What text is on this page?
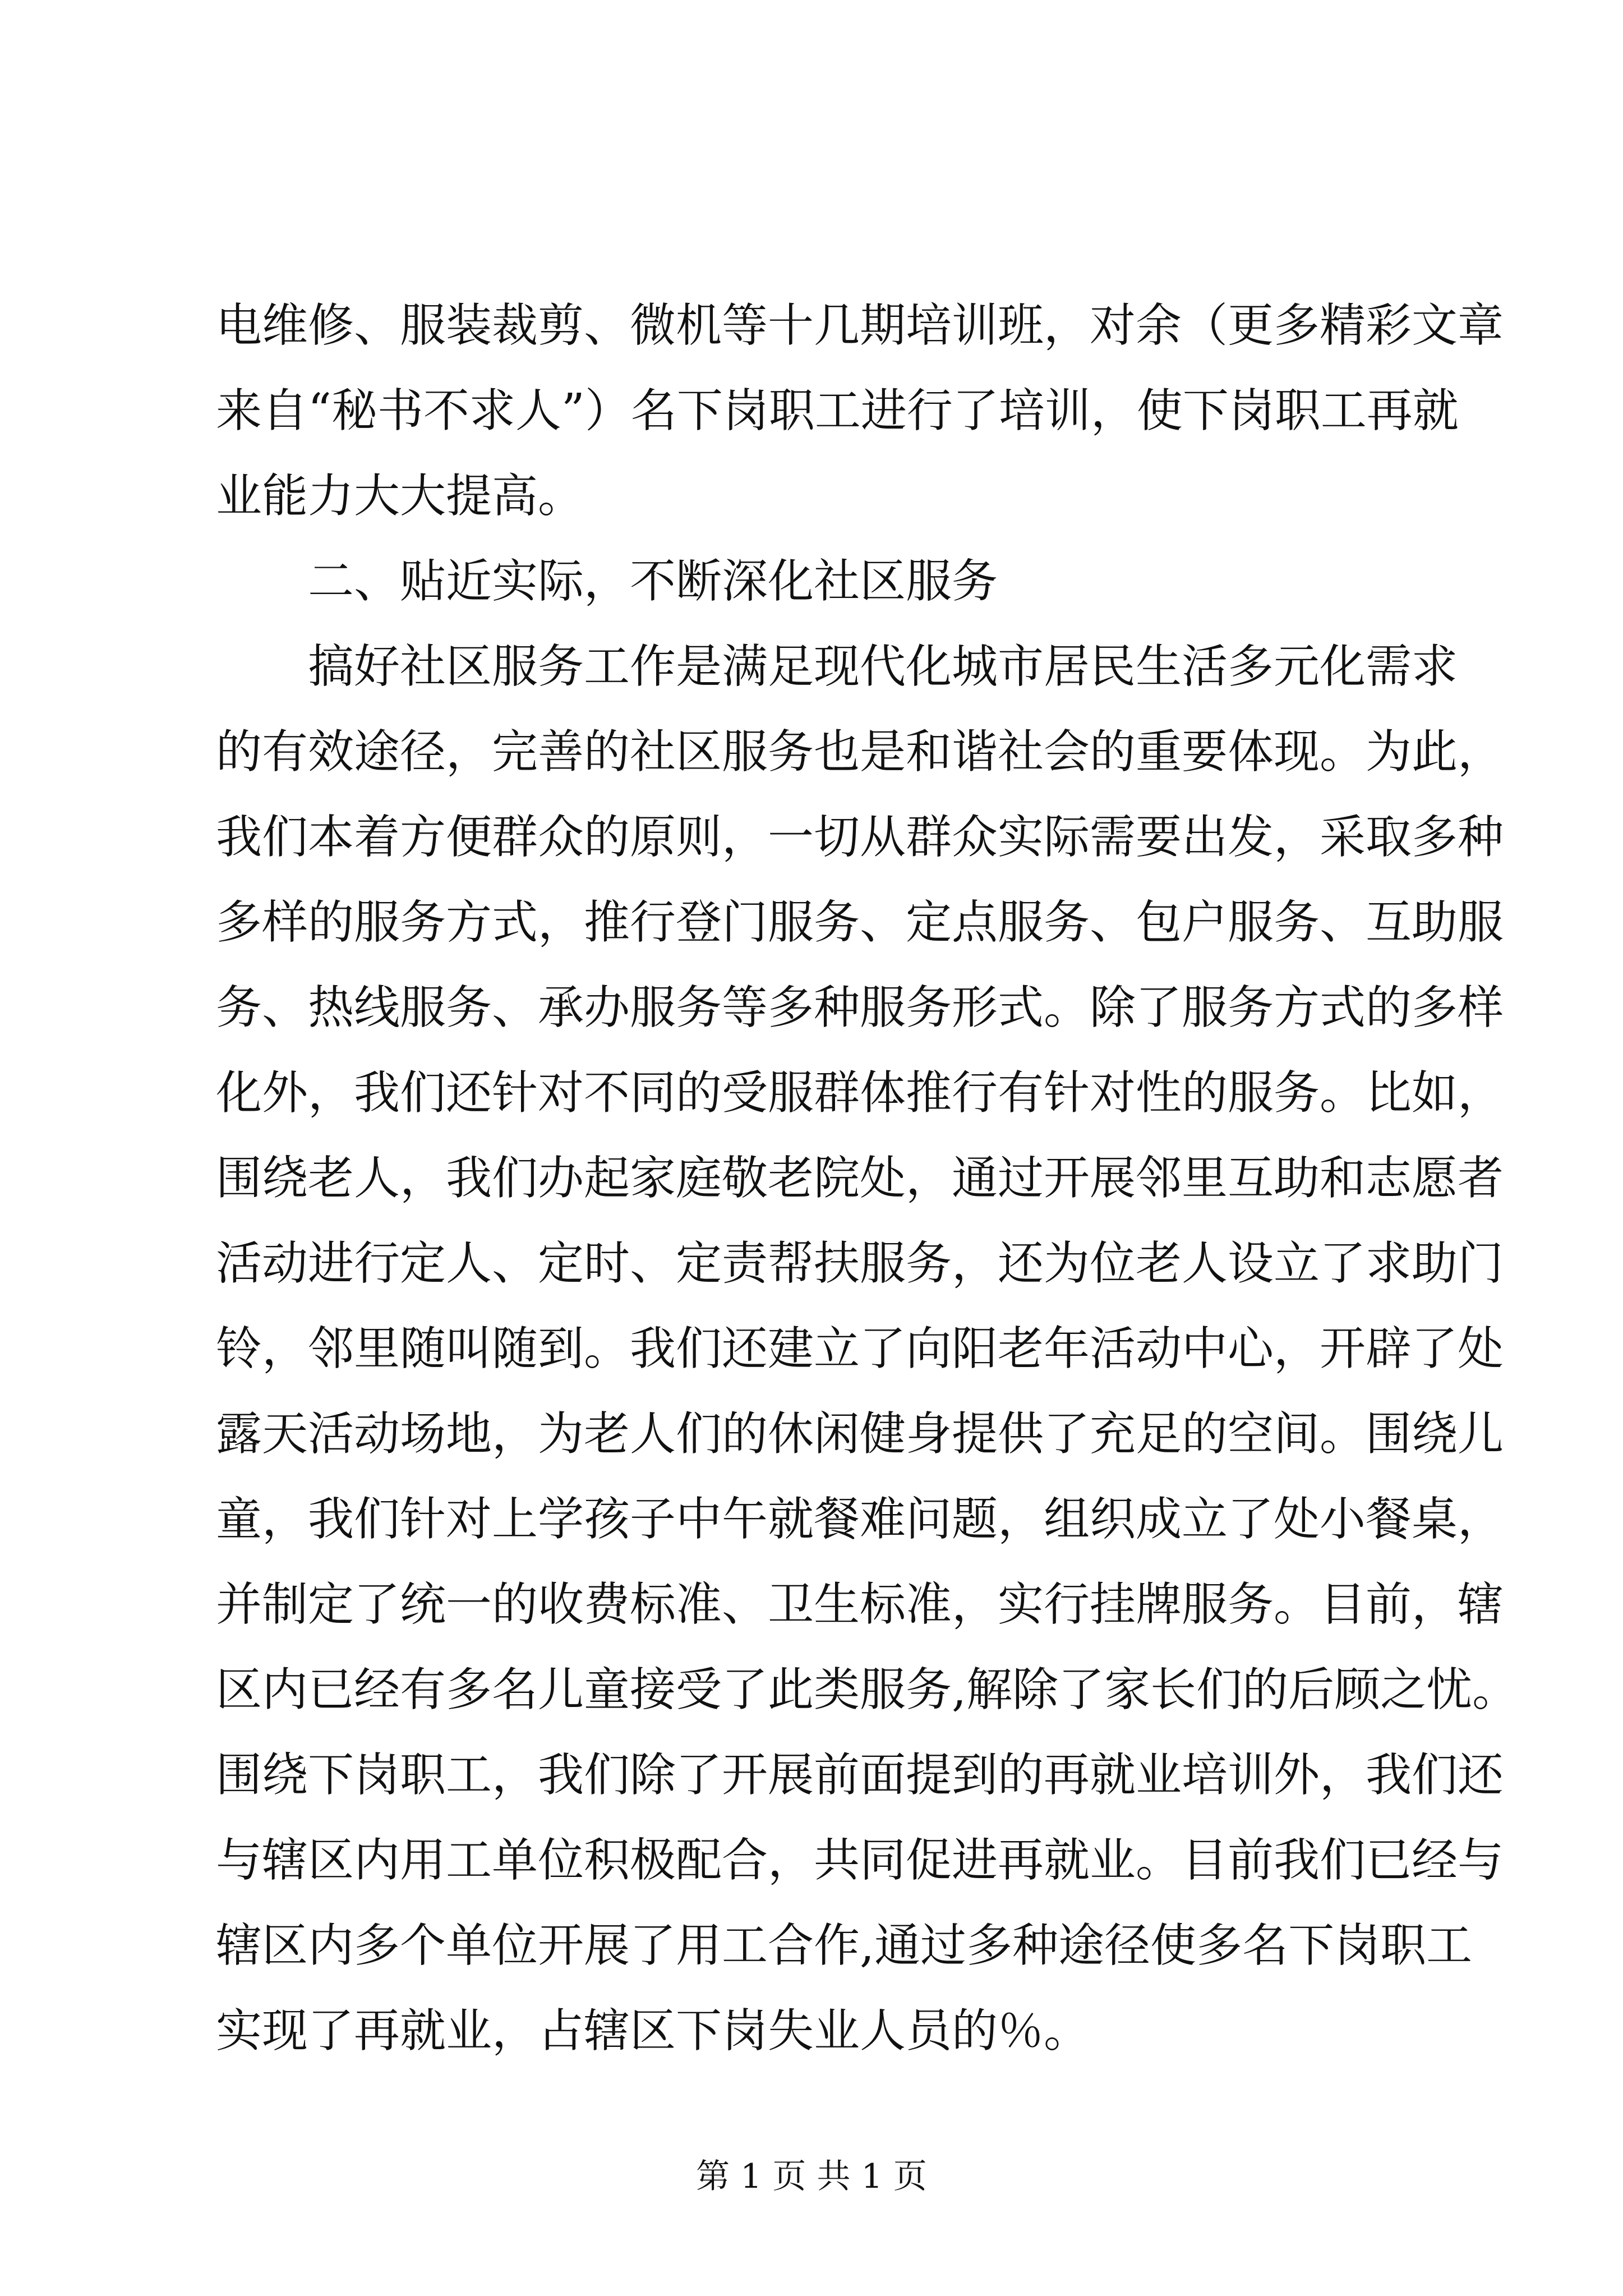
电维修、服装裁剪、微机等十几期培训班，对余（更多精彩文章
来自“秘书不求人”）名下岗职工进行了培训，使下岗职工再就
业能力大大提高。
二、贴近实际，不断深化社区服务
搞好社区服务工作是满足现代化城市居民生活多元化需求
的有效途径，完善的社区服务也是和谐社会的重要体现。为此，
我们本着方便群众的原则，一切从群众实际需要出发，采取多种
多样的服务方式，推行登门服务、定点服务、包户服务、互助服
务、热线服务、承办服务等多种服务形式。除了服务方式的多样
化外，我们还针对不同的受服群体推行有针对性的服务。比如，
围绕老人，我们办起家庭敬老院处，通过开展邻里互助和志愿者
活动进行定人、定时、定责帮扶服务，还为位老人设立了求助门
铃，邻里随叫随到。我们还建立了向阳老年活动中心，开辟了处
露天活动场地，为老人们的休闲健身提供了充足的空间。围绕儿
童，我们针对上学孩子中午就餐难问题，组织成立了处小餐桌，
并制定了统一的收费标准、卫生标准，实行挂牌服务。目前，辖
区内已经有多名儿童接受了此类服务,解除了家长们的后顾之忧。
围绕下岗职工，我们除了开展前面提到的再就业培训外，我们还
与辖区内用工单位积极配合，共同促进再就业。目前我们已经与
辖区内多个单位开展了用工合作,通过多种途径使多名下岗职工
实现了再就业，占辖区下岗失业人员的％。
第 1 页 共 1 页
